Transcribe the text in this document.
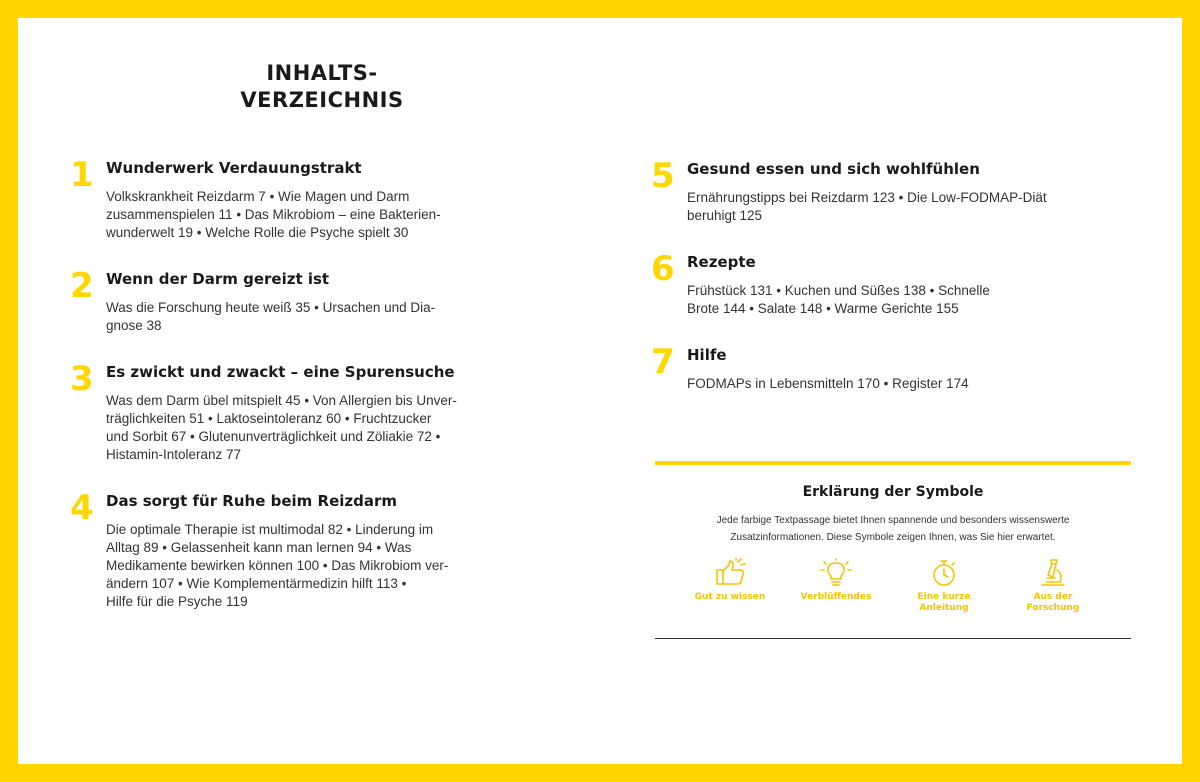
INHALTS-
VERZEICHNIS
1 Wunderwerk Verdauungstrakt
Volkskrankheit Reizdarm 7 • Wie Magen und Darm
zusammenspielen 11 • Das Mikrobiom – eine Bakterien-
wunderwelt 19 • Welche Rolle die Psyche spielt 30
2 Wenn der Darm gereizt ist
Was die Forschung heute weiß 35 • Ursachen und Dia-
gnose 38
3 Es zwickt und zwackt – eine Spurensuche
Was dem Darm übel mitspielt 45 • Von Allergien bis Unver-
träglichkeiten 51 • Laktoseintoleranz 60 • Fruchtzucker
und Sorbit 67 • Glutenunverträglichkeit und Zöliakie 72 •
Histamin-Intoleranz 77
4 Das sorgt für Ruhe beim Reizdarm
Die optimale Therapie ist multimodal 82 • Linderung im
Alltag 89 • Gelassenheit kann man lernen 94 • Was
Medikamente bewirken können 100 • Das Mikrobiom ver-
ändern 107 • Wie Komplementärmedizin hilft 113 •
Hilfe für die Psyche 119
5 Gesund essen und sich wohlfühlen
Ernährungstipps bei Reizdarm 123 • Die Low-FODMAP-Diät
beruhigt 125
6 Rezepte
Frühstück 131 • Kuchen und Süßes 138 • Schnelle
Brote 144 • Salate 148 • Warme Gerichte 155
7 Hilfe
FODMAPs in Lebensmitteln 170 • Register 174
Erklärung der Symbole
Jede farbige Textpassage bietet Ihnen spannende und besonders wissenswerte
Zusatzinformationen. Diese Symbole zeigen Ihnen, was Sie hier erwartet.
Gut zu wissen	Verblüffendes	Eine kurze
Anleitung
Aus der
Forschung
